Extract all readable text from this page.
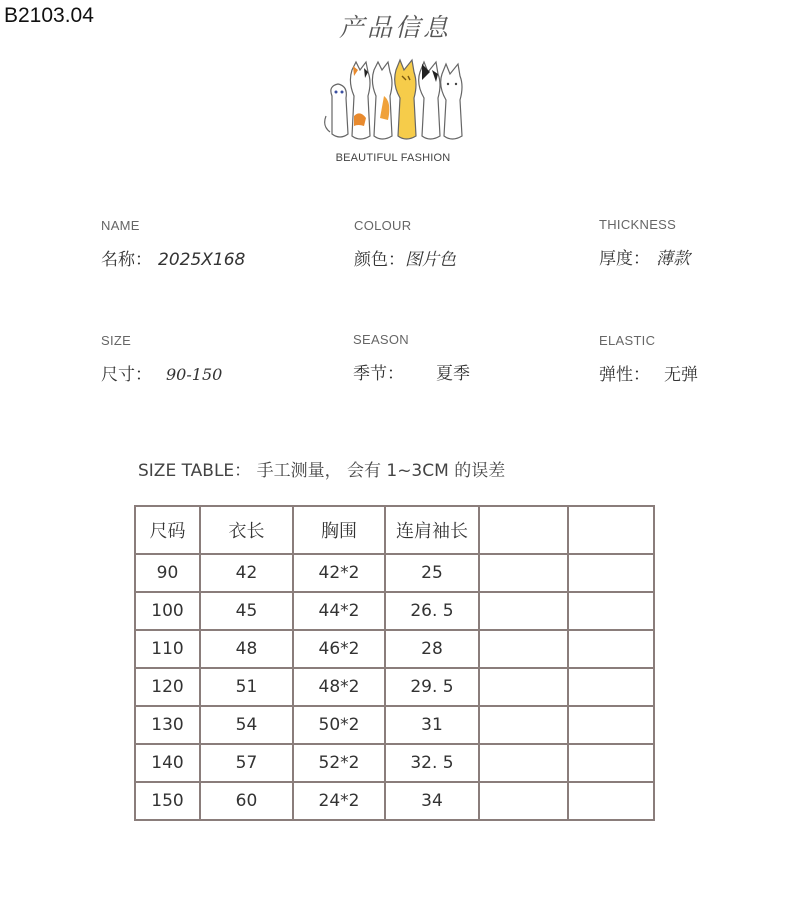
B2103.04	产品信息
BEAUTIFUL FASHION
NAME
名称： 2025X168
COLOUR
颜色：图片色
THICKNESS
厚度： 薄款
SIZE
尺寸： 90-150
SEASON
季节： 夏季
ELASTIC
弹性： 无弹
SIZE TABLE： 手工测量， 会有 1~3CM 的误差
尺码	衣长	胸围	连肩袖长		
90	42	42*2	25		
100	45	44*2	26. 5		
110	48	46*2	28		
120	51	48*2	29. 5		
130	54	50*2	31		
140	57	52*2	32. 5		
150	60	24*2	34		
